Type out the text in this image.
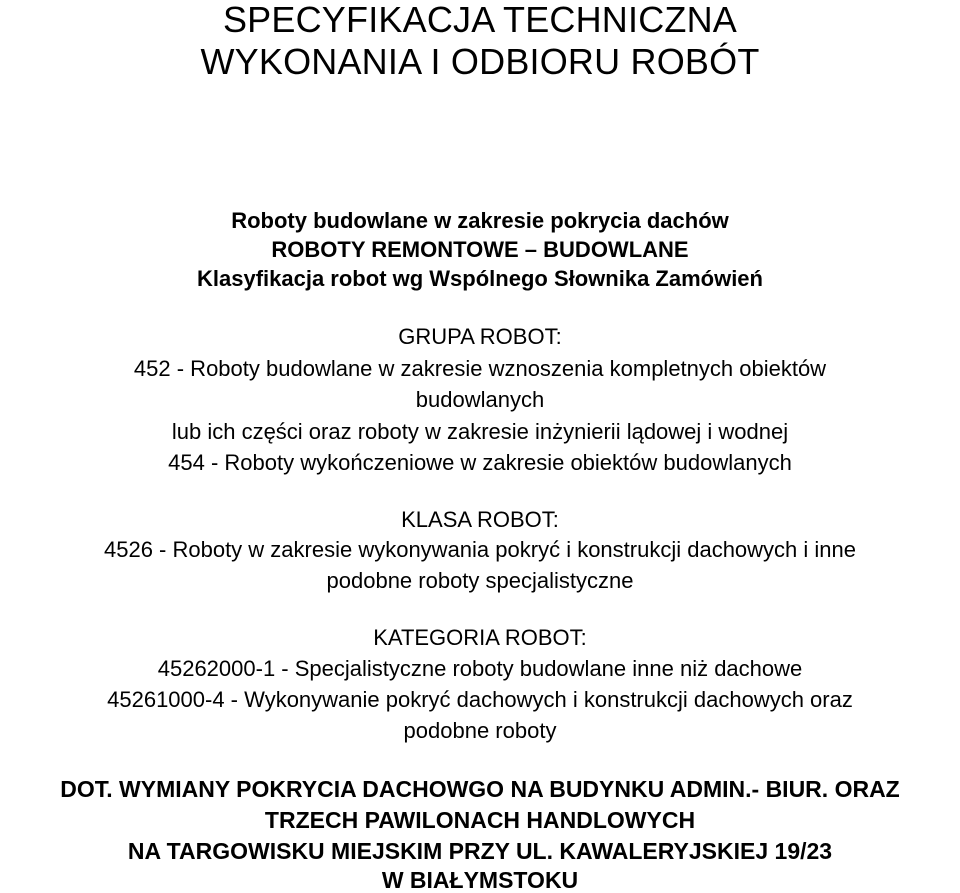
SPECYFIKACJA TECHNICZNA
WYKONANIA I ODBIORU ROBÓT
Roboty budowlane w zakresie pokrycia dachów
ROBOTY REMONTOWE – BUDOWLANE
Klasyfikacja robot wg Wspólnego Słownika Zamówień
GRUPA ROBOT:
452 - Roboty budowlane w zakresie wznoszenia kompletnych obiektów
budowlanych
lub ich części oraz roboty w zakresie inżynierii lądowej i wodnej
454 - Roboty wykończeniowe w zakresie obiektów budowlanych
KLASA ROBOT:
4526 - Roboty w zakresie wykonywania pokryć i konstrukcji dachowych i inne
podobne roboty specjalistyczne
KATEGORIA ROBOT:
45262000-1 - Specjalistyczne roboty budowlane inne niż dachowe
45261000-4 - Wykonywanie pokryć dachowych i konstrukcji dachowych oraz
podobne roboty
DOT. WYMIANY POKRYCIA DACHOWGO NA BUDYNKU ADMIN.- BIUR. ORAZ
TRZECH PAWILONACH HANDLOWYCH
NA TARGOWISKU MIEJSKIM PRZY UL. KAWALERYJSKIEJ 19/23
W BIAŁYMSTOKU
